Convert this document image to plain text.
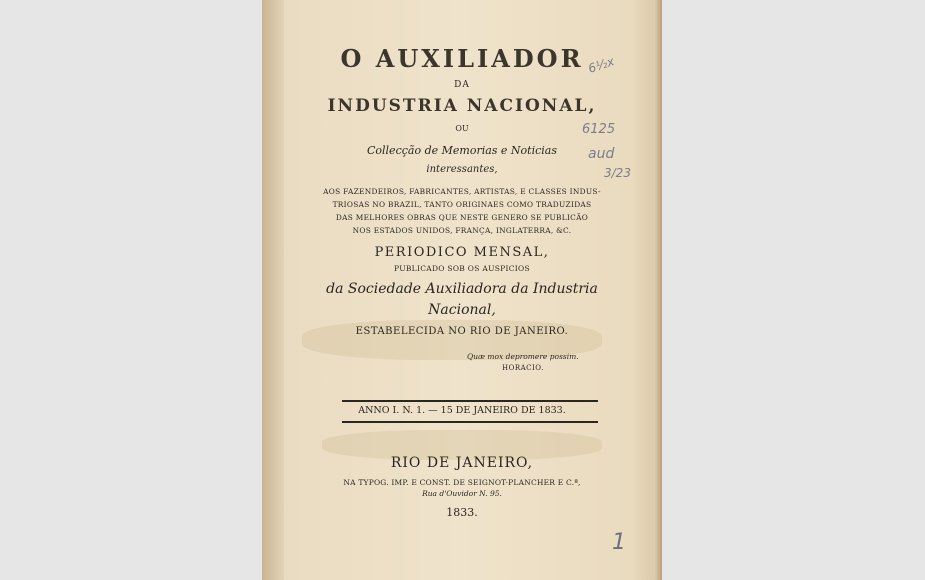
O AUXILIADOR
DA
INDUSTRIA NACIONAL,
OU
Collecção de Memorias e Noticias
interessantes,
AOS FAZENDEIROS, FABRICANTES, ARTISTAS, E CLASSES INDUS-
TRIOSAS NO BRAZIL, TANTO ORIGINAES COMO TRADUZIDAS
DAS MELHORES OBRAS QUE NESTE GENERO SE PUBLICÃO
NOS ESTADOS UNIDOS, FRANÇA, INGLATERRA, &C.
PERIODICO MENSAL,
PUBLICADO SOB OS AUSPICIOS
da Sociedade Auxiliadora da Industria
Nacional,
ESTABELECIDA NO RIO DE JANEIRO.
Quæ mox depromere possim.
HORACIO.
ANNO I. N. 1. — 15 DE JANEIRO DE 1833.
RIO DE JANEIRO,
NA TYPOG. IMP. E CONST. DE SEIGNOT-PLANCHER E C.ª,
Rua d'Ouvidor N. 95.
1833.
6½x
6125
aud
3/23
1
